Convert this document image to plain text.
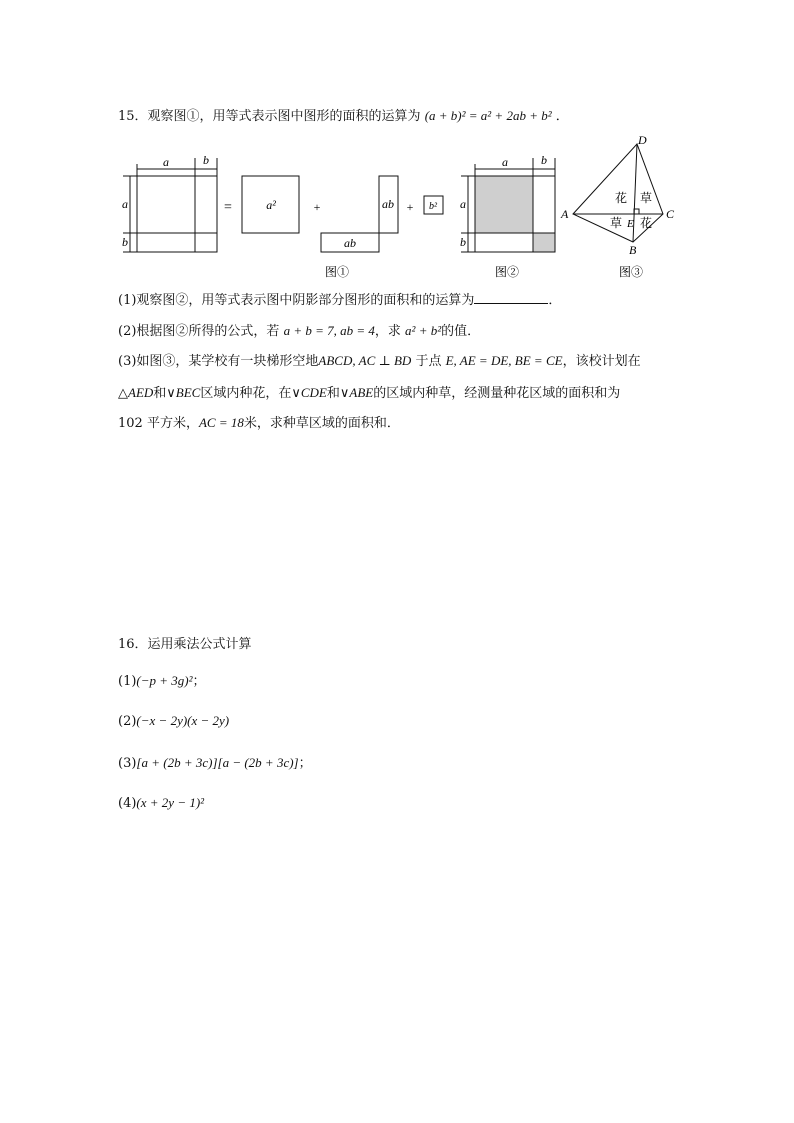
15．观察图①，用等式表示图中图形的面积的运算为 (a + b)² = a² + 2ab + b² ．
a	b
a
b
=	a²	+
ab
ab + b²
图①
a	b
a
b
图②
D
A	C
B
E
花 草
草 花
图③
(1)观察图②，用等式表示图中阴影部分图形的面积和的运算为	．
(2)根据图②所得的公式，若 a + b = 7, ab = 4，求 a² + b²的值．
(3)如图③，某学校有一块梯形空地ABCD, AC ⊥ BD 于点 E, AE = DE, BE = CE，该校计划在
△AED和∨BEC区域内种花，在∨CDE和∨ABE的区域内种草，经测量种花区域的面积和为
102 平方米，AC = 18米，求种草区域的面积和．
16．运用乘法公式计算
(1)(−p + 3g)²；
(2)(−x − 2y)(x − 2y)
(3)[a + (2b + 3c)][a − (2b + 3c)]；
(4)(x + 2y − 1)²
